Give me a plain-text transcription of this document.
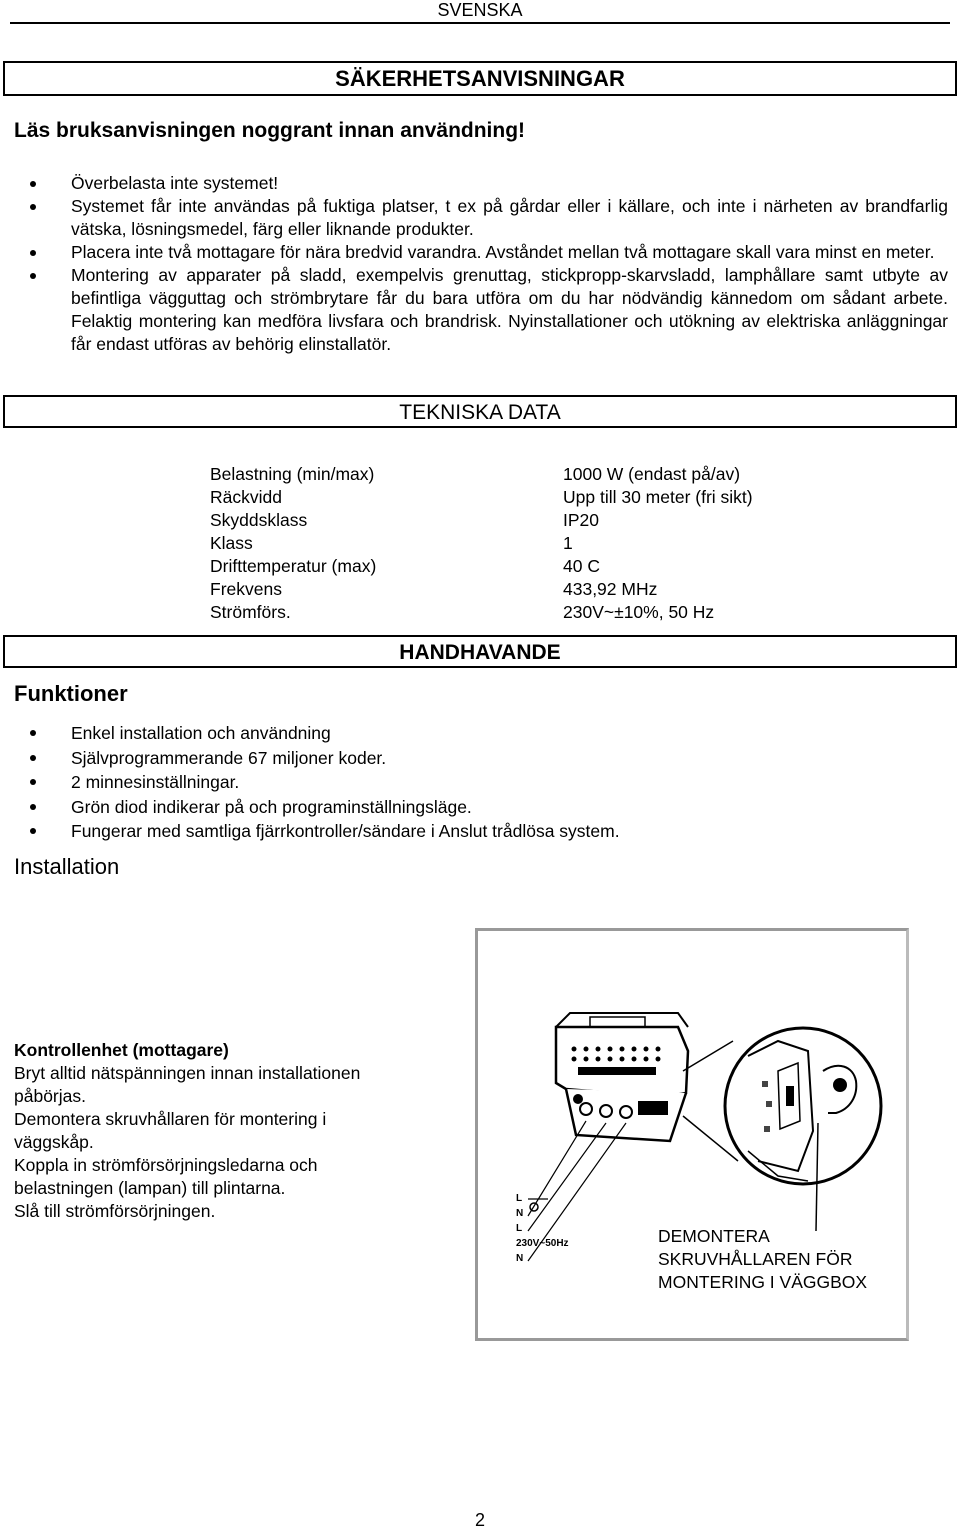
SVENSKA
SÄKERHETSANVISNINGAR
Läs bruksanvisningen noggrant innan användning!
Överbelasta inte systemet!
Systemet får inte användas på fuktiga platser, t ex på gårdar eller i källare, och inte i närheten av brandfarlig vätska, lösningsmedel, färg eller liknande produkter.
Placera inte två mottagare för nära bredvid varandra. Avståndet mellan två mottagare skall vara minst en meter.
Montering av apparater på sladd, exempelvis grenuttag, stickpropp-skarvsladd, lamphållare samt utbyte av befintliga vägguttag och strömbrytare får du bara utföra om du har nödvändig kännedom om sådant arbete. Felaktig montering kan medföra livsfara och brandrisk. Nyinstallationer och utökning av elektriska anläggningar får endast utföras av behörig elinstallatör.
TEKNISKA DATA
Belastning (min/max)	1000 W (endast på/av)
Räckvidd	Upp till 30 meter (fri sikt)
Skyddsklass	IP20
Klass	1
Drifttemperatur (max)	40 C
Frekvens	433,92 MHz
Strömförs.	230V~±10%, 50 Hz
HANDHAVANDE
Funktioner
Enkel installation och användning
Självprogrammerande 67 miljoner koder.
2 minnesinställningar.
Grön diod indikerar på och programinställningsläge.
Fungerar med samtliga fjärrkontroller/sändare i Anslut trådlösa system.
Installation

Kontrollenhet (mottagare)

Bryt alltid nätspänningen innan installationen

påbörjas.

Demontera skruvhållaren för montering i

väggskåp.

Koppla in strömförsörjningsledarna och

belastningen (lampan) till plintarna.

Slå till strömförsörjningen.

L
N
L
230V~50Hz
N
DEMONTERA
SKRUVHÅLLAREN FÖR
MONTERING I VÄGGBOX
2
